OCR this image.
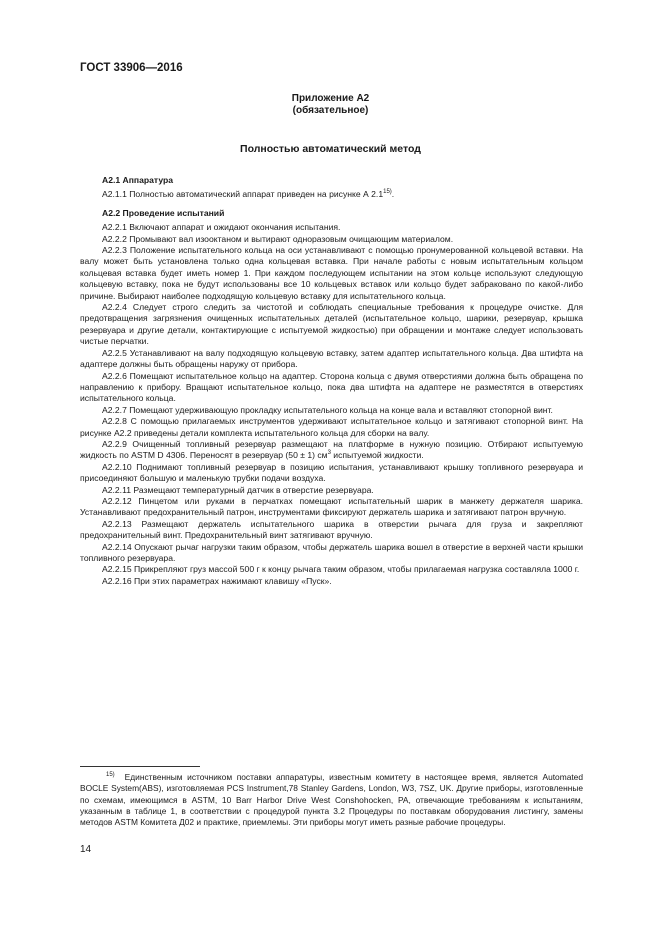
ГОСТ 33906—2016
Приложение А2
(обязательное)
Полностью автоматический метод

А2.1 Аппаратура

А2.1.1 Полностью автоматический аппарат приведен на рисунке А 2.1$^{15)}$.

А2.2 Проведение испытаний

А2.2.1 Включают аппарат и ожидают окончания испытания.

А2.2.2 Промывают вал изооктаном и вытирают одноразовым очищающим материалом.

А2.2.3 Положение испытательного кольца на оси устанавливают с помощью пронумерованной кольцевой вставки. На валу может быть установлена только одна кольцевая вставка. При начале работы с новым испытательным кольцом кольцевая вставка будет иметь номер 1. При каждом последующем испытании на этом кольце используют следующую кольцевую вставку, пока не будут использованы все 10 кольцевых вставок или кольцо будет забраковано по какой-либо причине. Выбирают наиболее подходящую кольцевую вставку для испытательного кольца.

А2.2.4 Следует строго следить за чистотой и соблюдать специальные требования к процедуре очистке. Для предотвращения загрязнения очищенных испытательных деталей (испытательное кольцо, шарики, резервуар, крышка резервуара и другие детали, контактирующие с испытуемой жидкостью) при обращении и монтаже следует использовать чистые перчатки.

А2.2.5 Устанавливают на валу подходящую кольцевую вставку, затем адаптер испытательного кольца. Два штифта на адаптере должны быть обращены наружу от прибора.

А2.2.6 Помещают испытательное кольцо на адаптер. Сторона кольца с двумя отверстиями должна быть обращена по направлению к прибору. Вращают испытательное кольцо, пока два штифта на адаптере не разместятся в отверстиях испытательного кольца.

А2.2.7 Помещают удерживающую прокладку испытательного кольца на конце вала и вставляют стопорной винт.

А2.2.8 С помощью прилагаемых инструментов удерживают испытательное кольцо и затягивают стопорной винт. На рисунке А2.2 приведены детали комплекта испытательного кольца для сборки на валу.

А2.2.9 Очищенный топливный резервуар размещают на платформе в нужную позицию. Отбирают испытуемую жидкость по ASTM D 4306. Переносят в резервуар (50 ± 1) $см^3$ испытуемой жидкости.

А2.2.10 Поднимают топливный резервуар в позицию испытания, устанавливают крышку топливного резервуара и присоединяют большую и маленькую трубки подачи воздуха.

А2.2.11 Размещают температурный датчик в отверстие резервуара.

А2.2.12 Пинцетом или руками в перчатках помещают испытательный шарик в манжету держателя шарика. Устанавливают предохранительный патрон, инструментами фиксируют держатель шарика и затягивают патрон вручную.

А2.2.13 Размещают держатель испытательного шарика в отверстии рычага для груза и закрепляют предохранительный винт. Предохранительный винт затягивают вручную.

А2.2.14 Опускают рычаг нагрузки таким образом, чтобы держатель шарика вошел в отверстие в верхней части крышки топливного резервуара.

А2.2.15 Прикрепляют груз массой 500 г к концу рычага таким образом, чтобы прилагаемая нагрузка составляла 1000 г.

А2.2.16 При этих параметрах нажимают клавишу «Пуск».

$^{15)}$ Единственным источником поставки аппаратуры, известным комитету в настоящее время, является Automated BOCLE System(ABS), изготовляемая PCS Instrument,78 Stanley Gardens, London, W3, 7SZ, UK. Другие приборы, изготовленные по схемам, имеющимся в ASTM, 10 Barr Harbor Drive West Conshohocken, PA, отвечающие требованиям к испытаниям, указанным в таблице 1, в соответствии с процедурой пункта 3.2 Процедуры по поставкам оборудования листингу, замены методов ASTM Комитета Д02 и практике, приемлемы. Эти приборы могут иметь разные рабочие процедуры.
14
